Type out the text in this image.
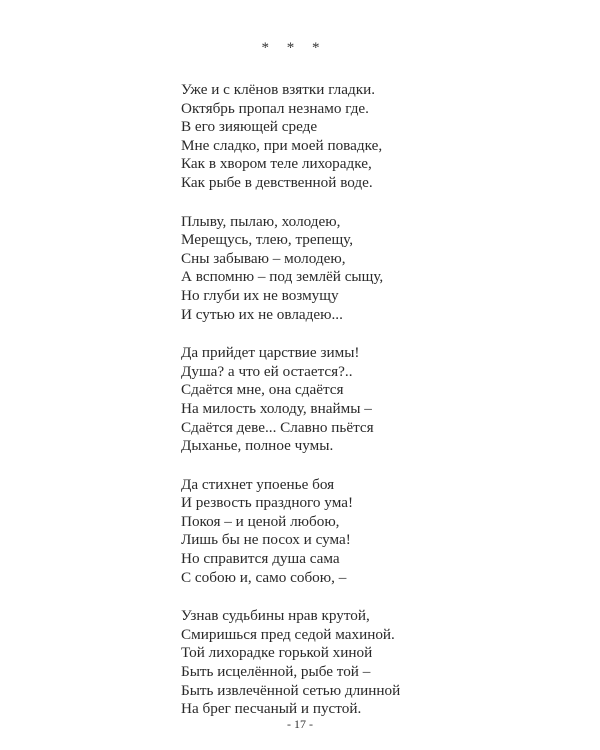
* * *
Уже и с клёнов взятки гладки.
Октябрь пропал незнамо где.
В его зияющей среде
Мне сладко, при моей повадке,
Как в хвором теле лихорадке,
Как рыбе в девственной воде.
Плыву, пылаю, холодею,
Мерещусь, тлею, трепещу,
Сны забываю – молодею,
А вспомню – под землёй сыщу,
Но глуби их не возмущу
И сутью их не овладею...
Да прийдет царствие зимы!
Душа? а что ей остается?..
Сдаётся мне, она сдаётся
На милость холоду, внаймы –
Сдаётся деве... Славно пьётся
Дыханье, полное чумы.
Да стихнет упоенье боя
И резвость праздного ума!
Покоя – и ценой любою,
Лишь бы не посох и сума!
Но справится душа сама
С собою и, само собою, –
Узнав судьбины нрав крутой,
Смиришься пред седой махиной.
Той лихорадке горькой хиной
Быть исцелённой, рыбе той –
Быть извлечённой сетью длинной
На брег песчаный и пустой.
- 17 -
